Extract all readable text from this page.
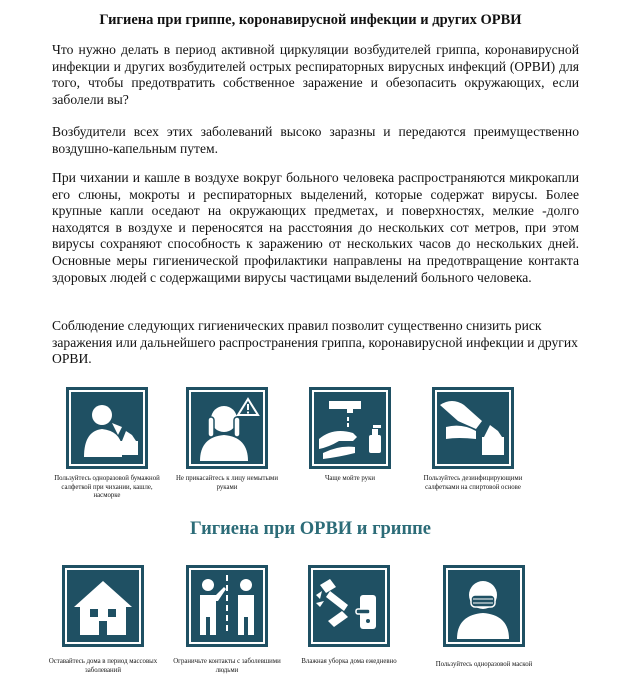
Гигиена при гриппе, коронавирусной инфекции и других ОРВИ

Что нужно делать в период активной циркуляции возбудителей гриппа, коронавирусной инфекции и других возбудителей острых респираторных вирусных инфекций (ОРВИ) для того, чтобы предотвратить собственное заражение и обезопасить окружающих, если заболели вы?

Возбудители всех этих заболеваний высоко заразны и передаются преимущественно воздушно-капельным путем.

При чихании и кашле в воздухе вокруг больного человека распространяются микрокапли его слюны, мокроты и респираторных выделений, которые содержат вирусы. Более крупные капли оседают на окружающих предметах, и поверхностях, мелкие -долго находятся в воздухе и переносятся на расстояния до нескольких сот метров, при этом вирусы сохраняют способность к заражению от нескольких часов до нескольких дней. Основные меры гигиенической профилактики направлены на предотвращение контакта здоровых людей с содержащими вирусы частицами выделений больного человека.

Соблюдение следующих гигиенических правил позволит существенно снизить риск заражения или дальнейшего распространения гриппа, коронавирусной инфекции и других ОРВИ.

Пользуйтесь одноразовой бумажной салфеткой при чихании, кашле, насморке
Не прикасайтесь к лицу немытыми руками
Чаще мойте руки	Пользуйтесь дезинфицирующими салфетками на спиртовой основе
Гигиена при ОРВИ и гриппе
Оставайтесь дома в период массовых заболеваний
Ограничьте контакты с заболевшими людьми
Влажная уборка дома ежедневно	Пользуйтесь одноразовой маской
